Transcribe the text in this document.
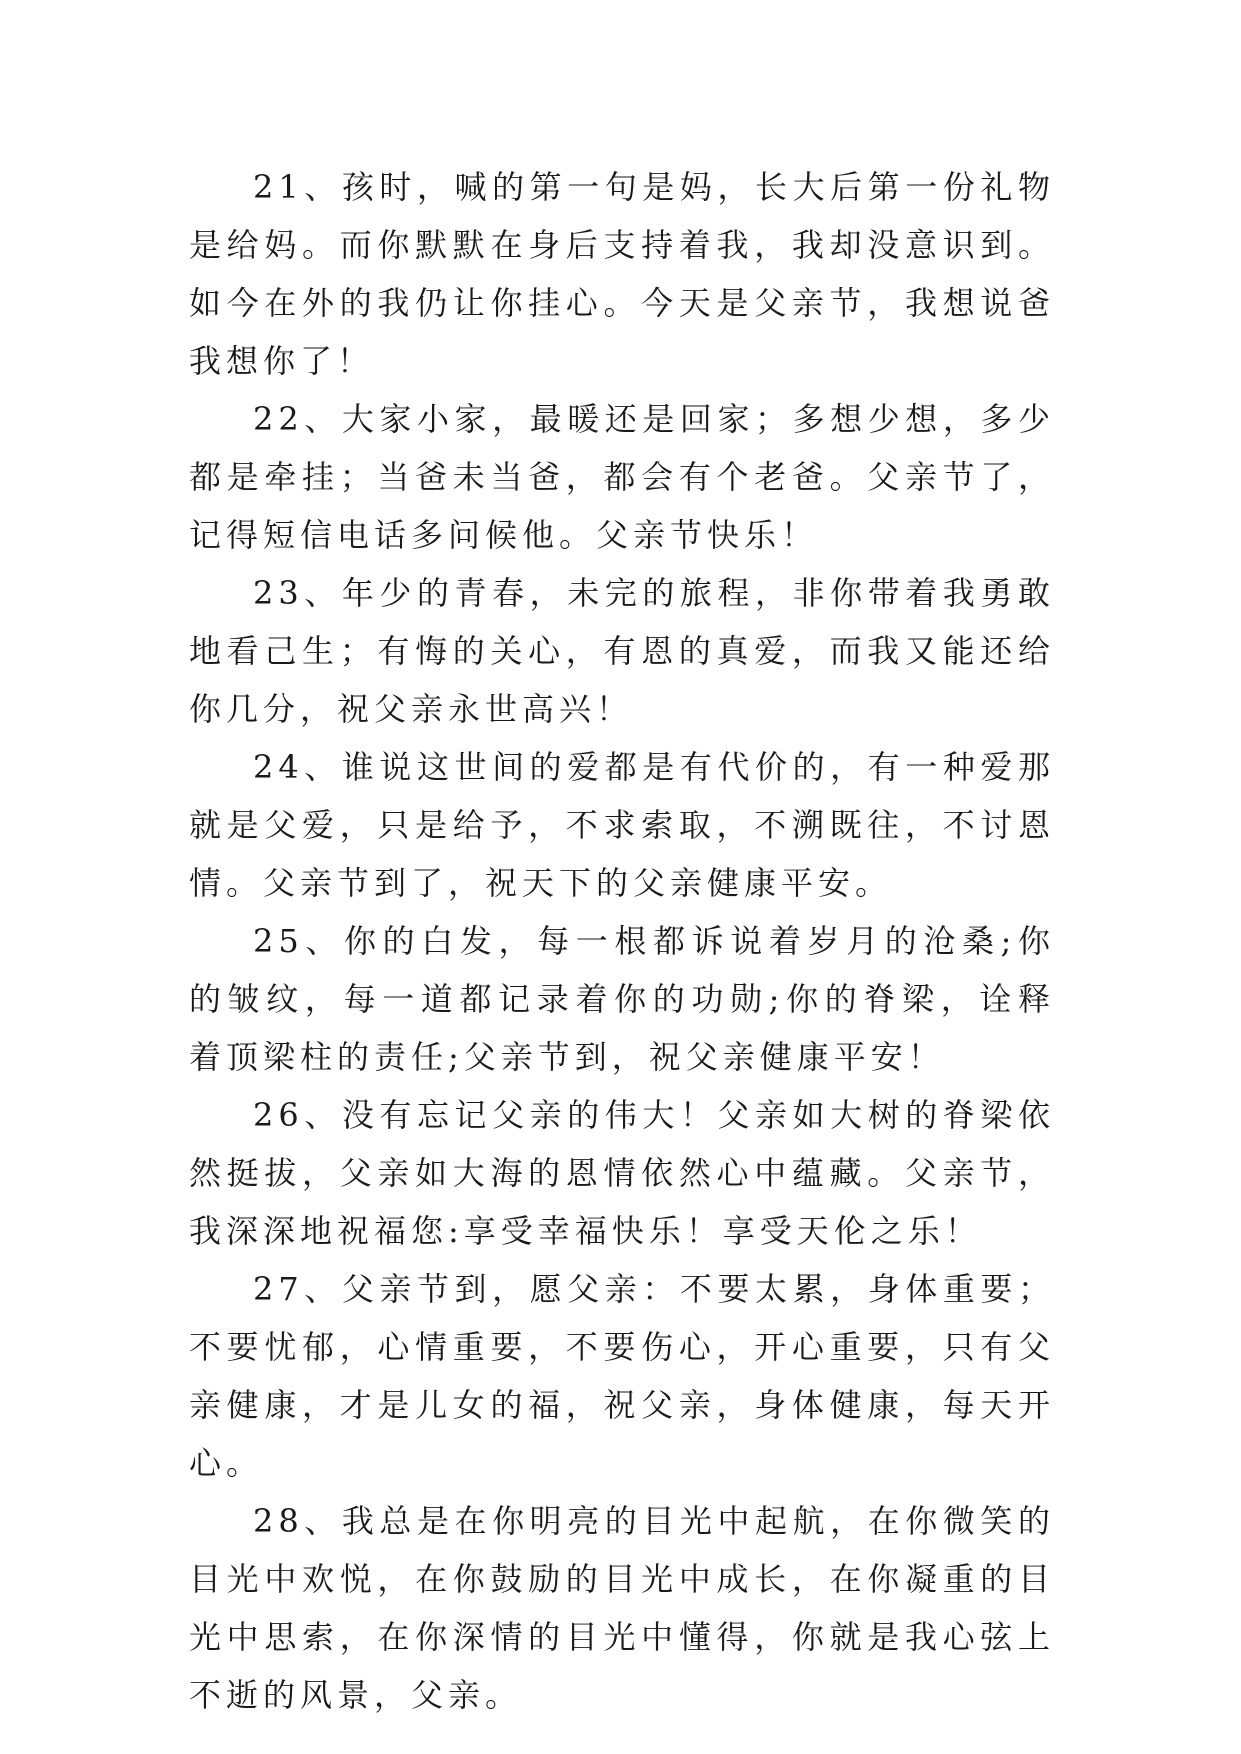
21、孩时，喊的第一句是妈，长大后第一份礼物是给妈。而你默默在身后支持着我，我却没意识到。如今在外的我仍让你挂心。今天是父亲节，我想说爸我想你了！

22、大家小家，最暖还是回家；多想少想，多少都是牵挂；当爸未当爸，都会有个老爸。父亲节了，记得短信电话多问候他。父亲节快乐！

23、年少的青春，未完的旅程，非你带着我勇敢地看己生；有悔的关心，有恩的真爱，而我又能还给你几分，祝父亲永世高兴！

24、谁说这世间的爱都是有代价的，有一种爱那就是父爱，只是给予，不求索取，不溯既往，不讨恩情。父亲节到了，祝天下的父亲健康平安。

25、你的白发，每一根都诉说着岁月的沧桑;你的皱纹，每一道都记录着你的功勋;你的脊梁，诠释着顶梁柱的责任;父亲节到，祝父亲健康平安！

26、没有忘记父亲的伟大！父亲如大树的脊梁依然挺拔，父亲如大海的恩情依然心中蕴藏。父亲节，我深深地祝福您:享受幸福快乐！享受天伦之乐！

27、父亲节到，愿父亲：不要太累，身体重要；不要忧郁，心情重要，不要伤心，开心重要，只有父亲健康，才是儿女的福，祝父亲，身体健康，每天开心。

28、我总是在你明亮的目光中起航，在你微笑的目光中欢悦，在你鼓励的目光中成长，在你凝重的目光中思索，在你深情的目光中懂得，你就是我心弦上不逝的风景，父亲。
